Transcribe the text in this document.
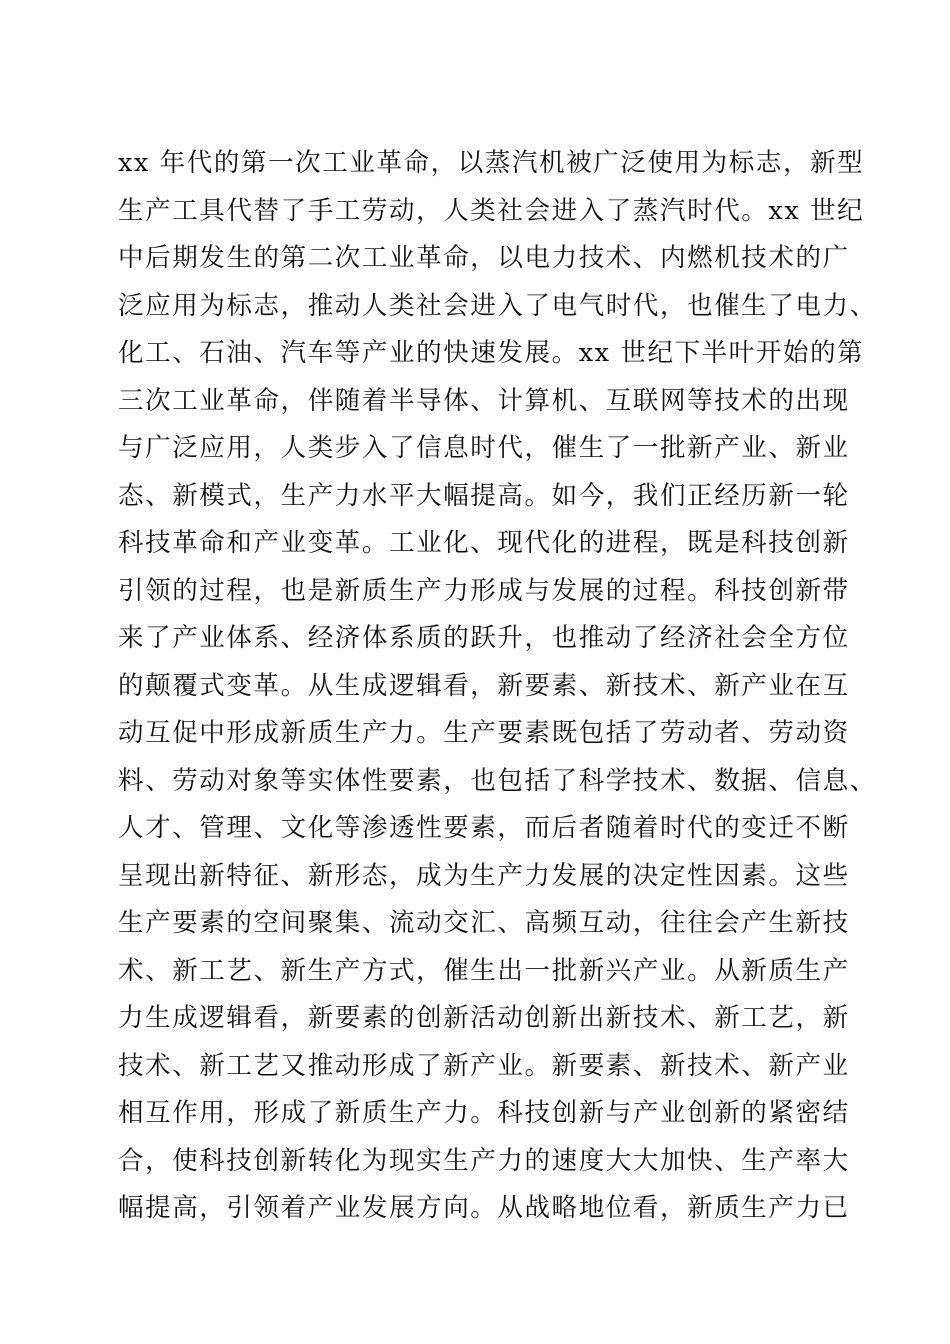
xx 年代的第一次工业革命，以蒸汽机被广泛使用为标志，新型
生产工具代替了手工劳动，人类社会进入了蒸汽时代。xx 世纪
中后期发生的第二次工业革命，以电力技术、内燃机技术的广
泛应用为标志，推动人类社会进入了电气时代，也催生了电力、
化工、石油、汽车等产业的快速发展。xx 世纪下半叶开始的第
三次工业革命，伴随着半导体、计算机、互联网等技术的出现
与广泛应用，人类步入了信息时代，催生了一批新产业、新业
态、新模式，生产力水平大幅提高。如今，我们正经历新一轮
科技革命和产业变革。工业化、现代化的进程，既是科技创新
引领的过程，也是新质生产力形成与发展的过程。科技创新带
来了产业体系、经济体系质的跃升，也推动了经济社会全方位
的颠覆式变革。从生成逻辑看，新要素、新技术、新产业在互
动互促中形成新质生产力。生产要素既包括了劳动者、劳动资
料、劳动对象等实体性要素，也包括了科学技术、数据、信息、
人才、管理、文化等渗透性要素，而后者随着时代的变迁不断
呈现出新特征、新形态，成为生产力发展的决定性因素。这些
生产要素的空间聚集、流动交汇、高频互动，往往会产生新技
术、新工艺、新生产方式，催生出一批新兴产业。从新质生产
力生成逻辑看，新要素的创新活动创新出新技术、新工艺，新
技术、新工艺又推动形成了新产业。新要素、新技术、新产业
相互作用，形成了新质生产力。科技创新与产业创新的紧密结
合，使科技创新转化为现实生产力的速度大大加快、生产率大
幅提高，引领着产业发展方向。从战略地位看，新质生产力已
